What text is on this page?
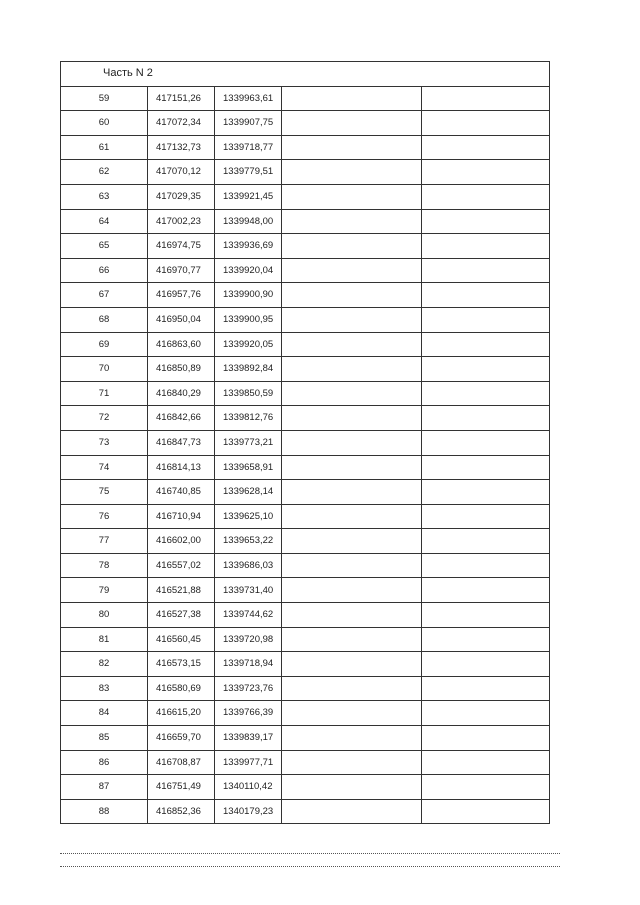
Часть N 2				
59	417151,26	1339963,61		
60	417072,34	1339907,75		
61	417132,73	1339718,77		
62	417070,12	1339779,51		
63	417029,35	1339921,45		
64	417002,23	1339948,00		
65	416974,75	1339936,69		
66	416970,77	1339920,04		
67	416957,76	1339900,90		
68	416950,04	1339900,95		
69	416863,60	1339920,05		
70	416850,89	1339892,84		
71	416840,29	1339850,59		
72	416842,66	1339812,76		
73	416847,73	1339773,21		
74	416814,13	1339658,91		
75	416740,85	1339628,14		
76	416710,94	1339625,10		
77	416602,00	1339653,22		
78	416557,02	1339686,03		
79	416521,88	1339731,40		
80	416527,38	1339744,62		
81	416560,45	1339720,98		
82	416573,15	1339718,94		
83	416580,69	1339723,76		
84	416615,20	1339766,39		
85	416659,70	1339839,17		
86	416708,87	1339977,71		
87	416751,49	1340110,42		
88	416852,36	1340179,23		
